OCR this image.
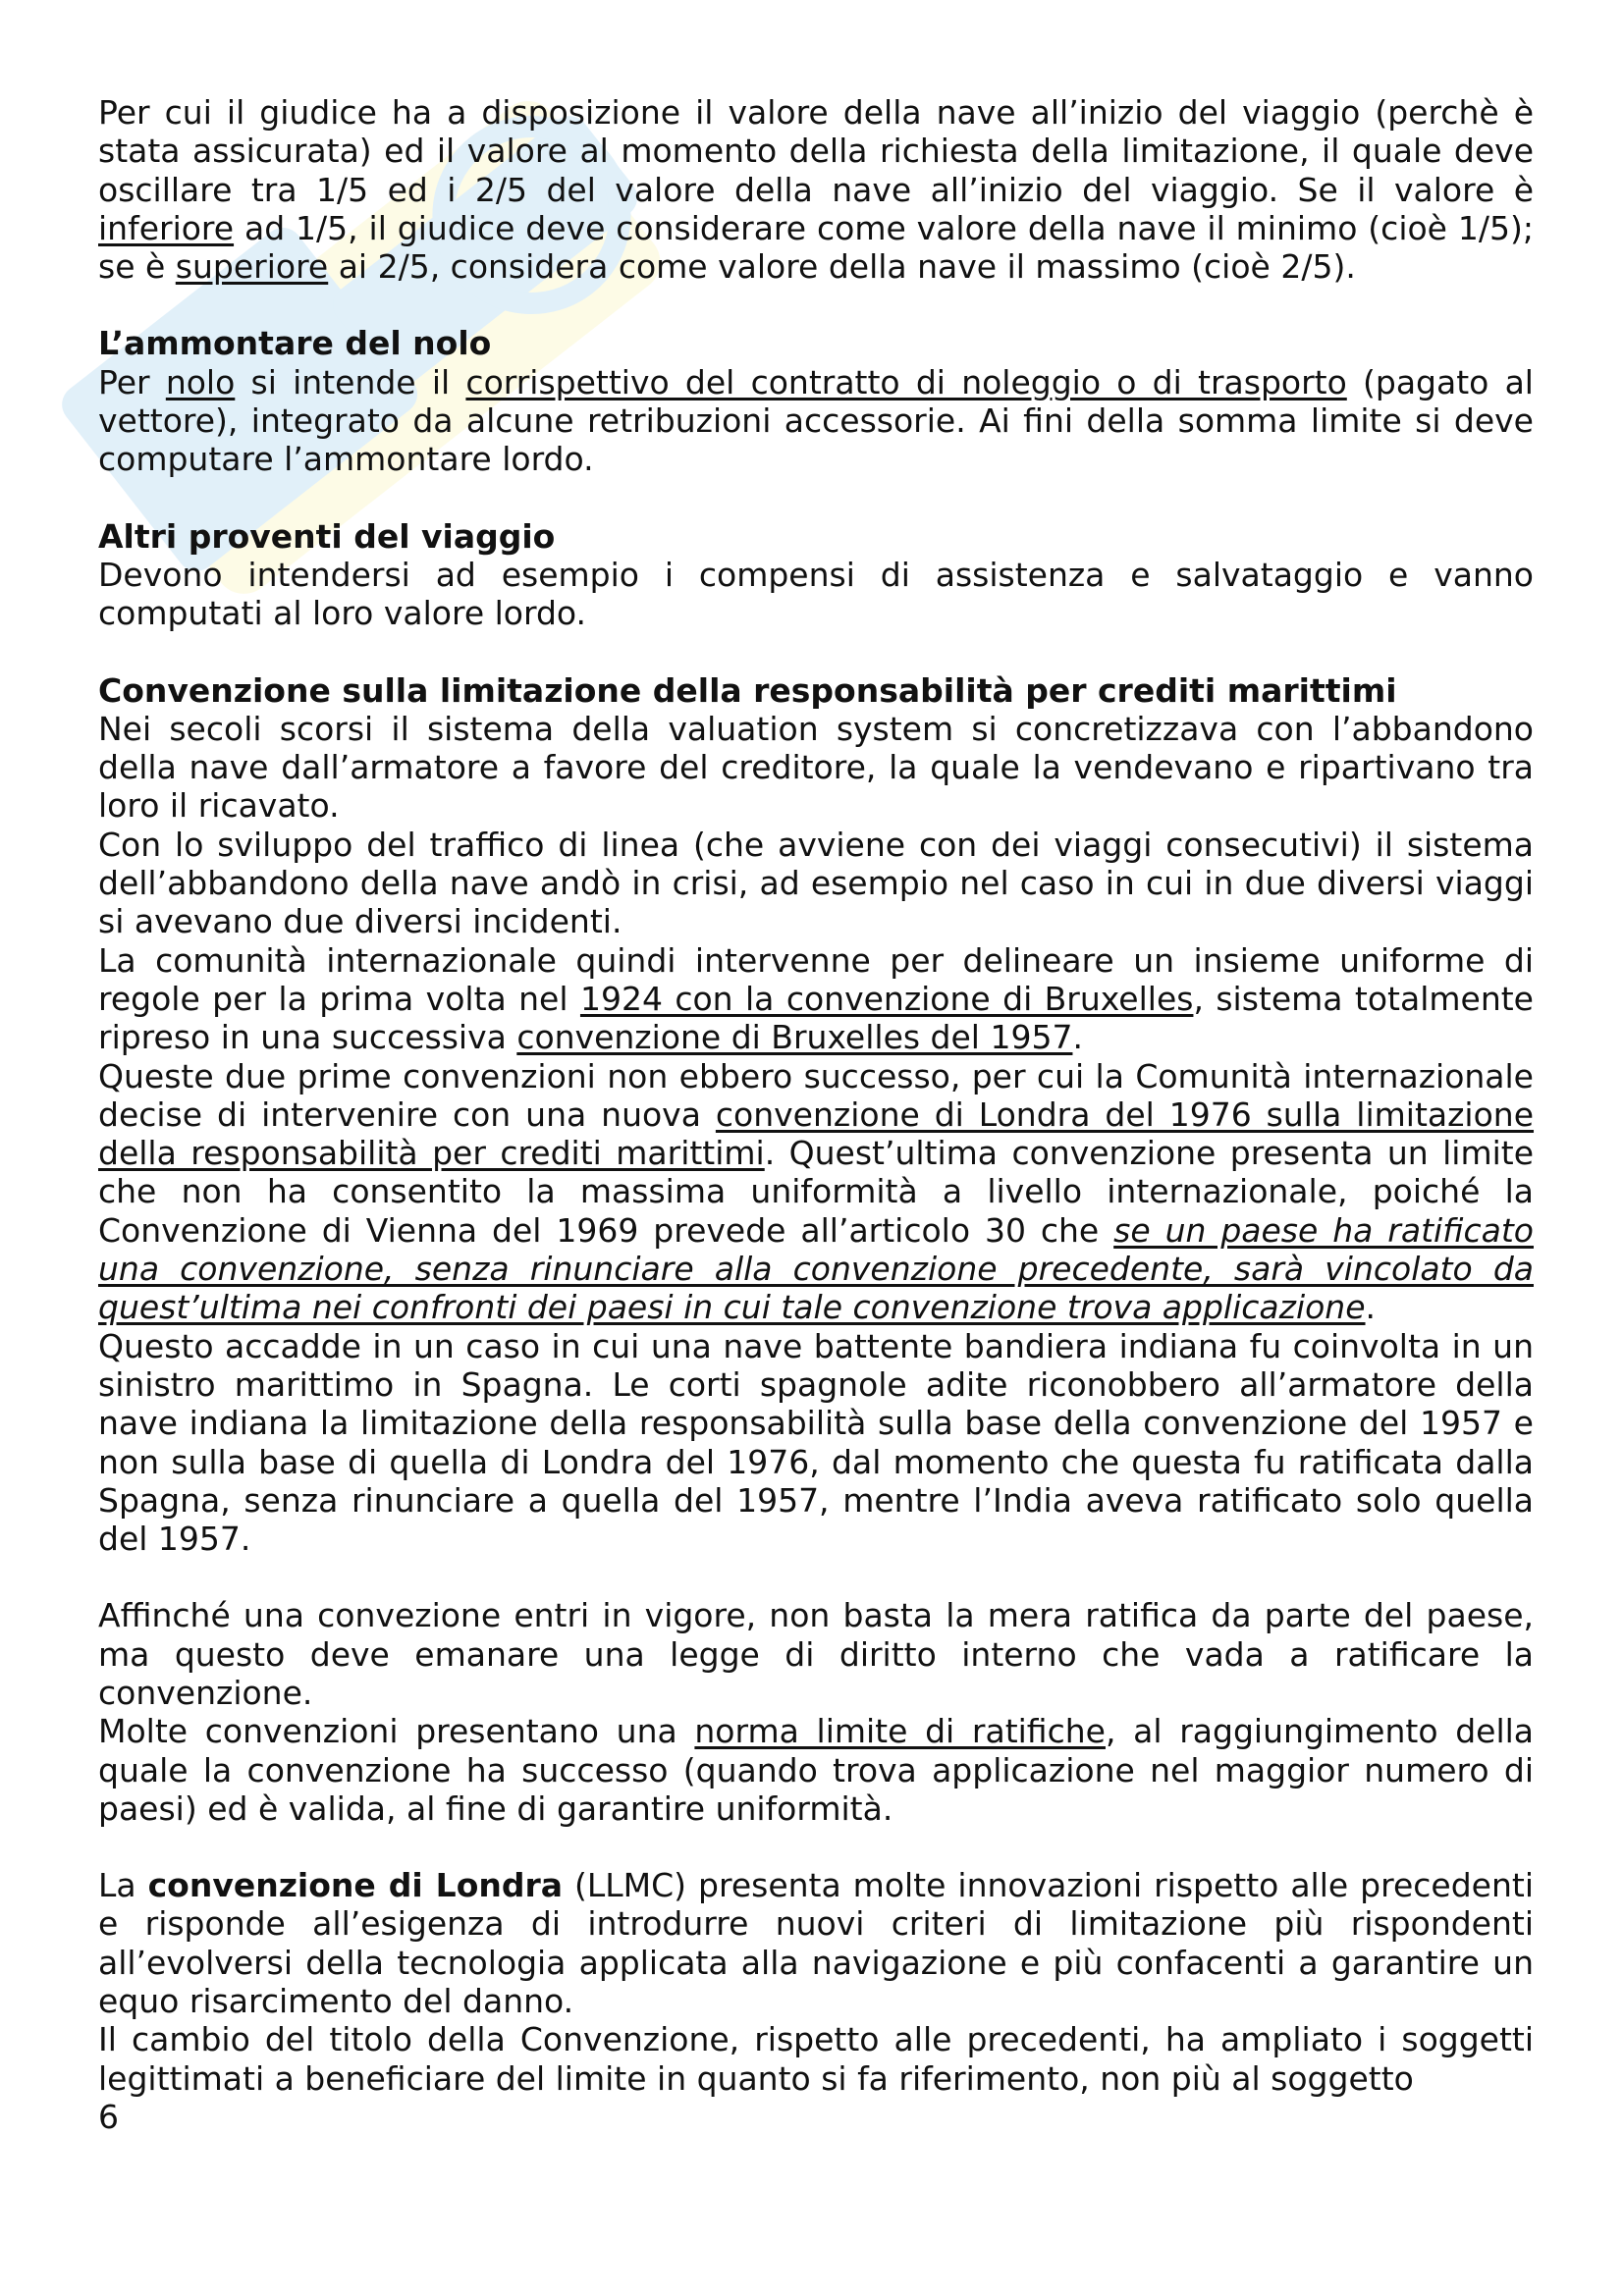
Per cui il giudice ha a disposizione il valore della nave all’inizio del viaggio (perchè è stata assicurata) ed il valore al momento della richiesta della limitazione, il quale deve oscillare tra 1/5 ed i 2/5 del valore della nave all’inizio del viaggio. Se il valore è inferiore ad 1/5, il giudice deve considerare come valore della nave il minimo (cioè 1/5); se è superiore ai 2/5, considera come valore della nave il massimo (cioè 2/5).

L’ammontare del nolo

Per nolo si intende il corrispettivo del contratto di noleggio o di trasporto (pagato al vettore), integrato da alcune retribuzioni accessorie. Ai fini della somma limite si deve computare l’ammontare lordo.

Altri proventi del viaggio

Devono intendersi ad esempio i compensi di assistenza e salvataggio e vanno computati al loro valore lordo.

Convenzione sulla limitazione della responsabilità per crediti marittimi

Nei secoli scorsi il sistema della valuation system si concretizzava con l’abbandono della nave dall’armatore a favore del creditore, la quale la vendevano e ripartivano tra loro il ricavato.

Con lo sviluppo del traffico di linea (che avviene con dei viaggi consecutivi) il sistema dell’abbandono della nave andò in crisi, ad esempio nel caso in cui in due diversi viaggi si avevano due diversi incidenti.

La comunità internazionale quindi intervenne per delineare un insieme uniforme di regole per la prima volta nel 1924 con la convenzione di Bruxelles, sistema totalmente ripreso in una successiva convenzione di Bruxelles del 1957.

Queste due prime convenzioni non ebbero successo, per cui la Comunità internazionale decise di intervenire con una nuova convenzione di Londra del 1976 sulla limitazione della responsabilità per crediti marittimi. Quest’ultima convenzione presenta un limite che non ha consentito la massima uniformità a livello internazionale, poiché la Convenzione di Vienna del 1969 prevede all’articolo 30 che se un paese ha ratificato una convenzione, senza rinunciare alla convenzione precedente, sarà vincolato da quest’ultima nei confronti dei paesi in cui tale convenzione trova applicazione.

Questo accadde in un caso in cui una nave battente bandiera indiana fu coinvolta in un sinistro marittimo in Spagna. Le corti spagnole adite riconobbero all’armatore della nave indiana la limitazione della responsabilità sulla base della convenzione del 1957 e non sulla base di quella di Londra del 1976, dal momento che questa fu ratificata dalla Spagna, senza rinunciare a quella del 1957, mentre l’India aveva ratificato solo quella del 1957.

Affinché una convezione entri in vigore, non basta la mera ratifica da parte del paese, ma questo deve emanare una legge di diritto interno che vada a ratificare la convenzione.

Molte convenzioni presentano una norma limite di ratifiche, al raggiungimento della quale la convenzione ha successo (quando trova applicazione nel maggior numero di paesi) ed è valida, al fine di garantire uniformità.

La convenzione di Londra (LLMC) presenta molte innovazioni rispetto alle precedenti e risponde all’esigenza di introdurre nuovi criteri di limitazione più rispondenti all’evolversi della tecnologia applicata alla navigazione e più confacenti a garantire un equo risarcimento del danno.

Il cambio del titolo della Convenzione, rispetto alle precedenti, ha ampliato i soggetti legittimati a beneficiare del limite in quanto si fa riferimento, non più al soggetto

6
